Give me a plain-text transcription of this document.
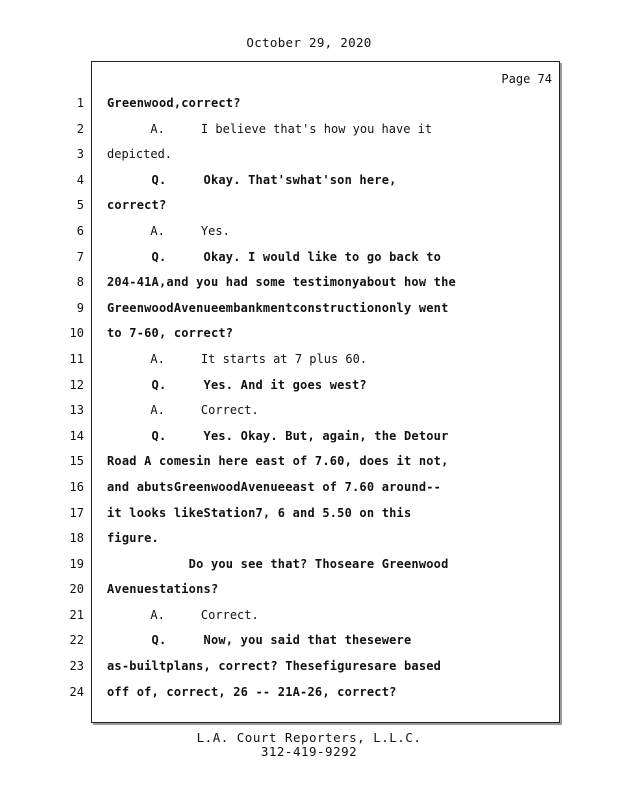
October 29, 2020
Page 74
1
2
3
4
5
6
7
8
9
10
11
12
13
14
15
16
17
18
19
20
21
22
23
24
Greenwood,correct?
A.     I believe that's how you have it
depicted.
Q.     Okay. That'swhat'son here,
correct?
A.     Yes.
Q.     Okay. I would like to go back to
204-41A,and you had some testimonyabout how the
GreenwoodAvenueembankmentconstructiononly went
to 7-60, correct?
A.     It starts at 7 plus 60.
Q.     Yes. And it goes west?
A.     Correct.
Q.     Yes. Okay. But, again, the Detour
Road A comesin here east of 7.60, does it not,
and abutsGreenwoodAvenueeast of 7.60 around--
it looks likeStation7, 6 and 5.50 on this
figure.
Do you see that? Thoseare Greenwood
Avenuestations?
A.     Correct.
Q.     Now, you said that thesewere
as-builtplans, correct? Thesefiguresare based
off of, correct, 26 -- 21A-26, correct?
L.A. Court Reporters, L.L.C.
312-419-9292
